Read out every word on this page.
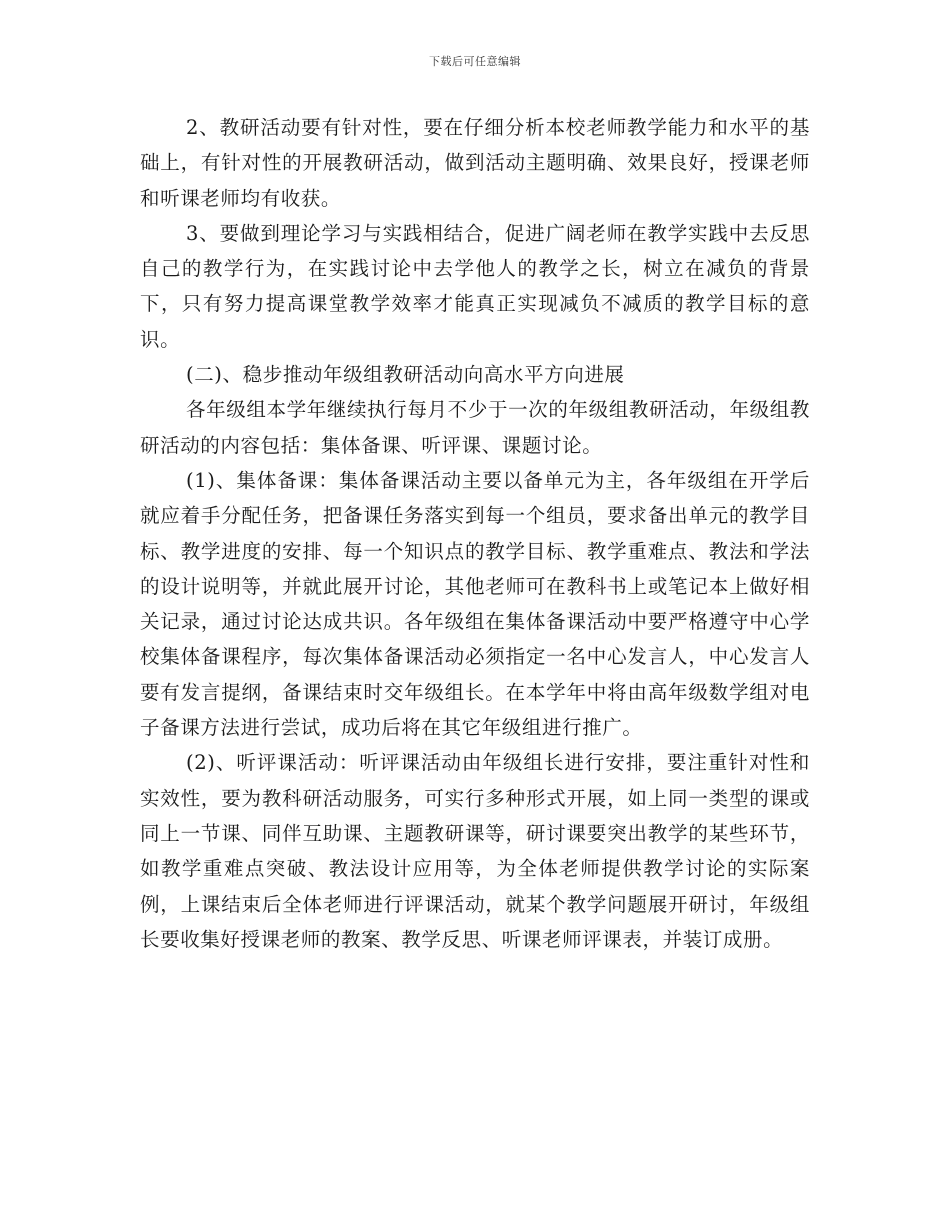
下载后可任意编辑

2、教研活动要有针对性，要在仔细分析本校老师教学能力和水平的基础上，有针对性的开展教研活动，做到活动主题明确、效果良好，授课老师和听课老师均有收获。

3、要做到理论学习与实践相结合，促进广阔老师在教学实践中去反思自己的教学行为，在实践讨论中去学他人的教学之长，树立在减负的背景下，只有努力提高课堂教学效率才能真正实现减负不减质的教学目标的意识。

(二)、稳步推动年级组教研活动向高水平方向进展

各年级组本学年继续执行每月不少于一次的年级组教研活动，年级组教研活动的内容包括：集体备课、听评课、课题讨论。

(1)、集体备课：集体备课活动主要以备单元为主，各年级组在开学后就应着手分配任务，把备课任务落实到每一个组员，要求备出单元的教学目标、教学进度的安排、每一个知识点的教学目标、教学重难点、教法和学法的设计说明等，并就此展开讨论，其他老师可在教科书上或笔记本上做好相关记录，通过讨论达成共识。各年级组在集体备课活动中要严格遵守中心学校集体备课程序，每次集体备课活动必须指定一名中心发言人，中心发言人要有发言提纲，备课结束时交年级组长。在本学年中将由高年级数学组对电子备课方法进行尝试，成功后将在其它年级组进行推广。

(2)、听评课活动：听评课活动由年级组长进行安排，要注重针对性和实效性，要为教科研活动服务，可实行多种形式开展，如上同一类型的课或同上一节课、同伴互助课、主题教研课等，研讨课要突出教学的某些环节，如教学重难点突破、教法设计应用等，为全体老师提供教学讨论的实际案例，上课结束后全体老师进行评课活动，就某个教学问题展开研讨，年级组长要收集好授课老师的教案、教学反思、听课老师评课表，并装订成册。
